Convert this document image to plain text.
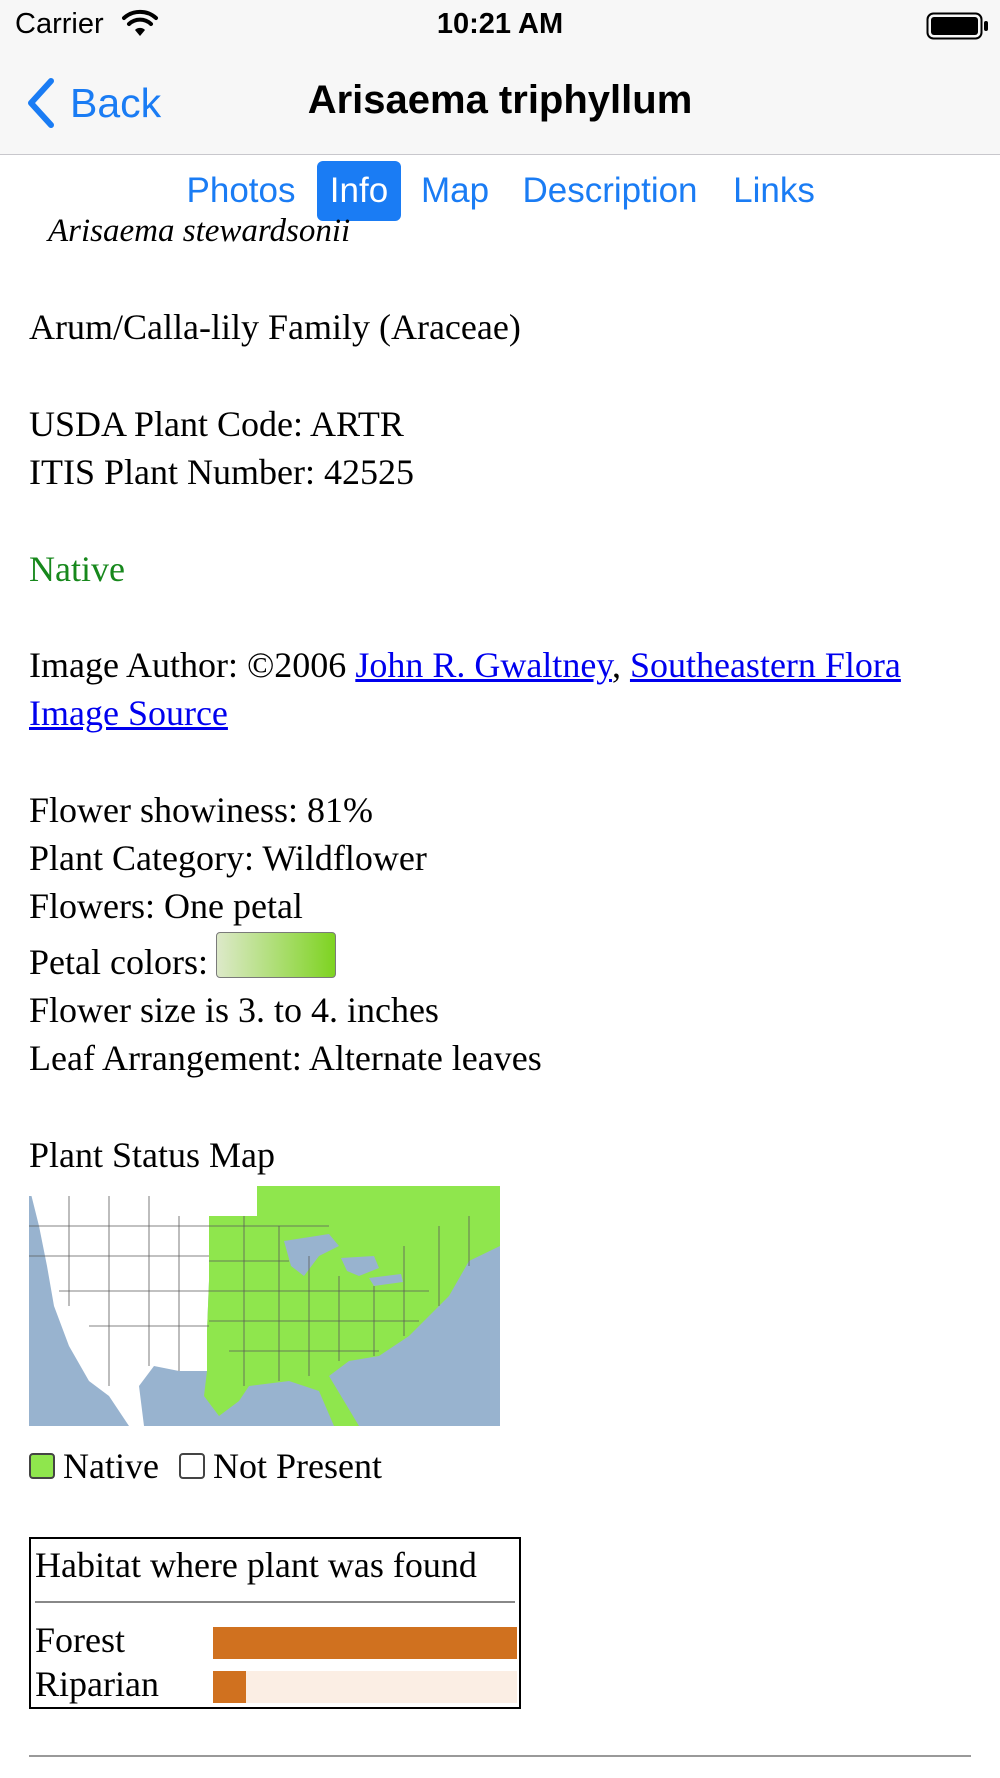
Carrier	10:21 AM
Back	Arisaema triphyllum
Photos Info Map Description	Links
Arisaema stewardsonii
Arum/Calla-lily Family (Araceae)
USDA Plant Code: ARTR
ITIS Plant Number: 42525
Native
Image Author: ©2006 John R. Gwaltney, Southeastern Flora
Image Source
Flower showiness: 81%
Plant Category: Wildflower
Flowers: One petal
Petal colors:
Flower size is 3. to 4. inches
Leaf Arrangement: Alternate leaves
Plant Status Map
Native Not Present
Habitat where plant was found
Forest
Riparian
